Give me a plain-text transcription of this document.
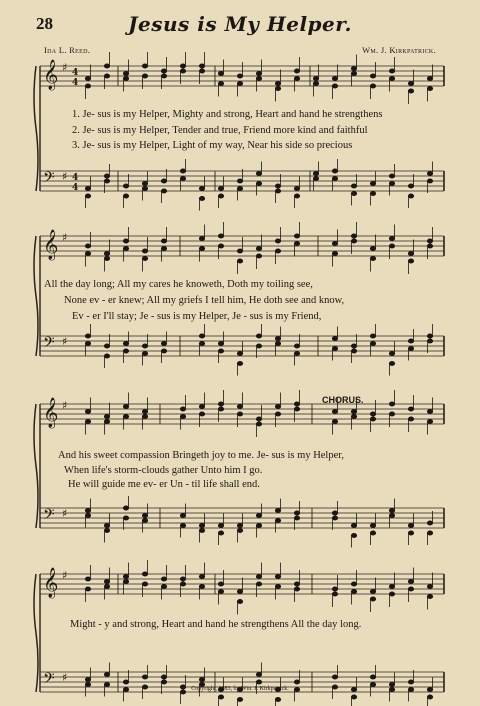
28	Jesus is My Helper.
Ida L. Reed.	Wm. J. Kirkpatrick.
𝄞 ♯ 4
4
𝄢 ♯ 4
4
𝄞 ♯
𝄢 ♯
𝄞 ♯
𝄢 ♯
𝄞 ♯
𝄢 ♯
1. Je- sus is my Helper, Mighty and strong, Heart and hand he strengthens
2. Je- sus is my Helper, Tender and true, Friend more kind and faithful
3. Je- sus is my Helper, Light of my way, Near his side so precious
All the day long; All my cares he knoweth, Doth my toiling see,
None ev - er knew; All my griefs I tell him, He doth see and know,
Ev - er I'll stay; Je - sus is my Helper, Je - sus is my Friend,
CHORUS.
And his sweet compassion Bringeth joy to me. Je- sus is my Helper,
When life's storm-clouds gather Unto him I go.
He will guide me ev- er Un - til life shall end.
Might - y and strong, Heart and hand he strengthens All the day long.
Copyright, 1883, by Wm. J. Kirkpatrick.
